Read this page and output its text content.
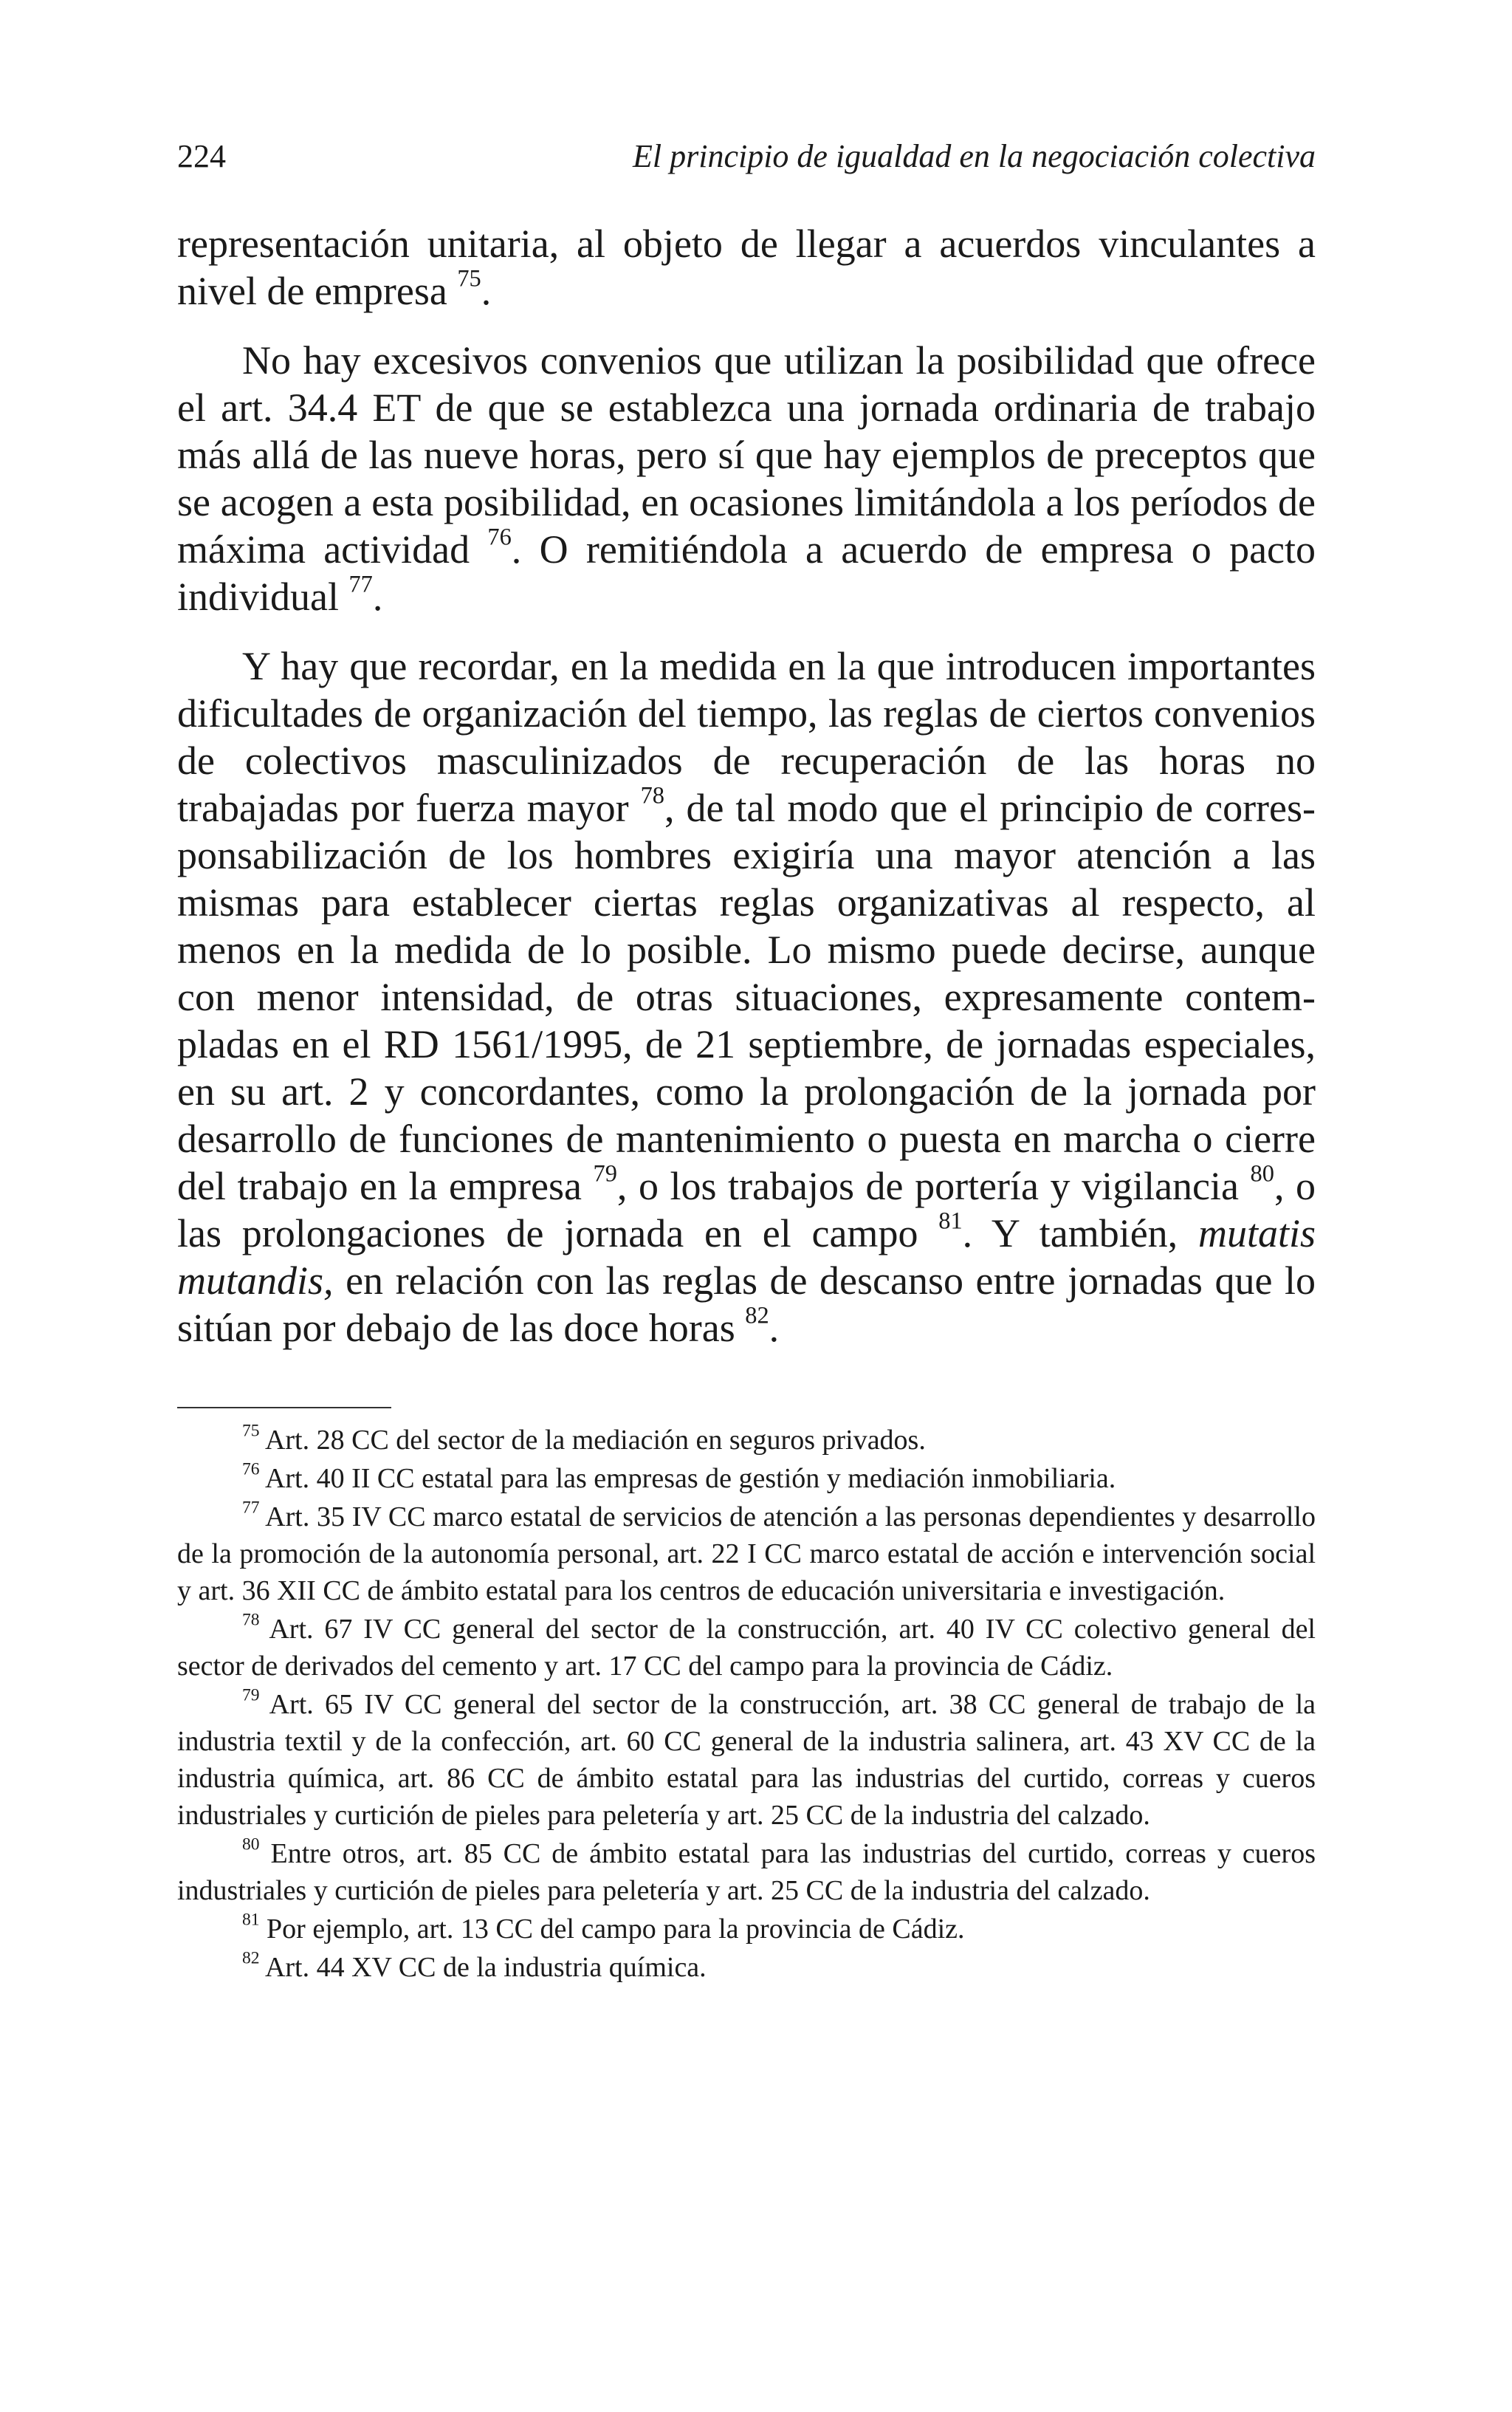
224	El principio de igualdad en la negociación colectiva

representación unitaria, al objeto de llegar a acuerdos vinculantes a nivel de empresa $^{75}$.

No hay excesivos convenios que utilizan la posibilidad que ofrece el art. 34.4 ET de que se establezca una jornada ordinaria de trabajo más allá de las nueve horas, pero sí que hay ejemplos de preceptos que se acogen a esta posibilidad, en ocasiones limitándola a los períodos de máxima actividad $^{76}$. O remitiéndola a acuerdo de empresa o pacto individual $^{77}$.

Y hay que recordar, en la medida en la que introducen importantes dificultades de organización del tiempo, las reglas de ciertos convenios de colectivos masculinizados de recuperación de las horas no trabajadas por fuerza mayor $^{78}$, de tal modo que el principio de corresponsabilización de los hombres exigiría una mayor atención a las mismas para establecer ciertas reglas organizativas al respecto, al menos en la medida de lo posible. Lo mismo puede decirse, aunque con menor intensidad, de otras situaciones, expresamente contempladas en el RD 1561/1995, de 21 septiembre, de jornadas especiales, en su art. 2 y concordantes, como la prolongación de la jornada por desarrollo de funciones de mantenimiento o puesta en marcha o cierre del trabajo en la empresa $^{79}$, o los trabajos de portería y vigilancia $^{80}$, o las prolongaciones de jornada en el campo $^{81}$. Y también, mutatis mutandis, en relación con las reglas de descanso entre jornadas que lo sitúan por debajo de las doce horas $^{82}$.

$^{75}$ Art. 28 CC del sector de la mediación en seguros privados.

$^{76}$ Art. 40 II CC estatal para las empresas de gestión y mediación inmobiliaria.

$^{77}$ Art. 35 IV CC marco estatal de servicios de atención a las personas dependientes y desarrollo de la promoción de la autonomía personal, art. 22 I CC marco estatal de acción e intervención social y art. 36 XII CC de ámbito estatal para los centros de educación universitaria e investigación.

$^{78}$ Art. 67 IV CC general del sector de la construcción, art. 40 IV CC colectivo general del sector de derivados del cemento y art. 17 CC del campo para la provincia de Cádiz.

$^{79}$ Art. 65 IV CC general del sector de la construcción, art. 38 CC general de trabajo de la industria textil y de la confección, art. 60 CC general de la industria salinera, art. 43 XV CC de la industria química, art. 86 CC de ámbito estatal para las industrias del curtido, correas y cueros industriales y curtición de pieles para peletería y art. 25 CC de la industria del calzado.

$^{80}$ Entre otros, art. 85 CC de ámbito estatal para las industrias del curtido, correas y cueros industriales y curtición de pieles para peletería y art. 25 CC de la industria del calzado.

$^{81}$ Por ejemplo, art. 13 CC del campo para la provincia de Cádiz.

$^{82}$ Art. 44 XV CC de la industria química.
